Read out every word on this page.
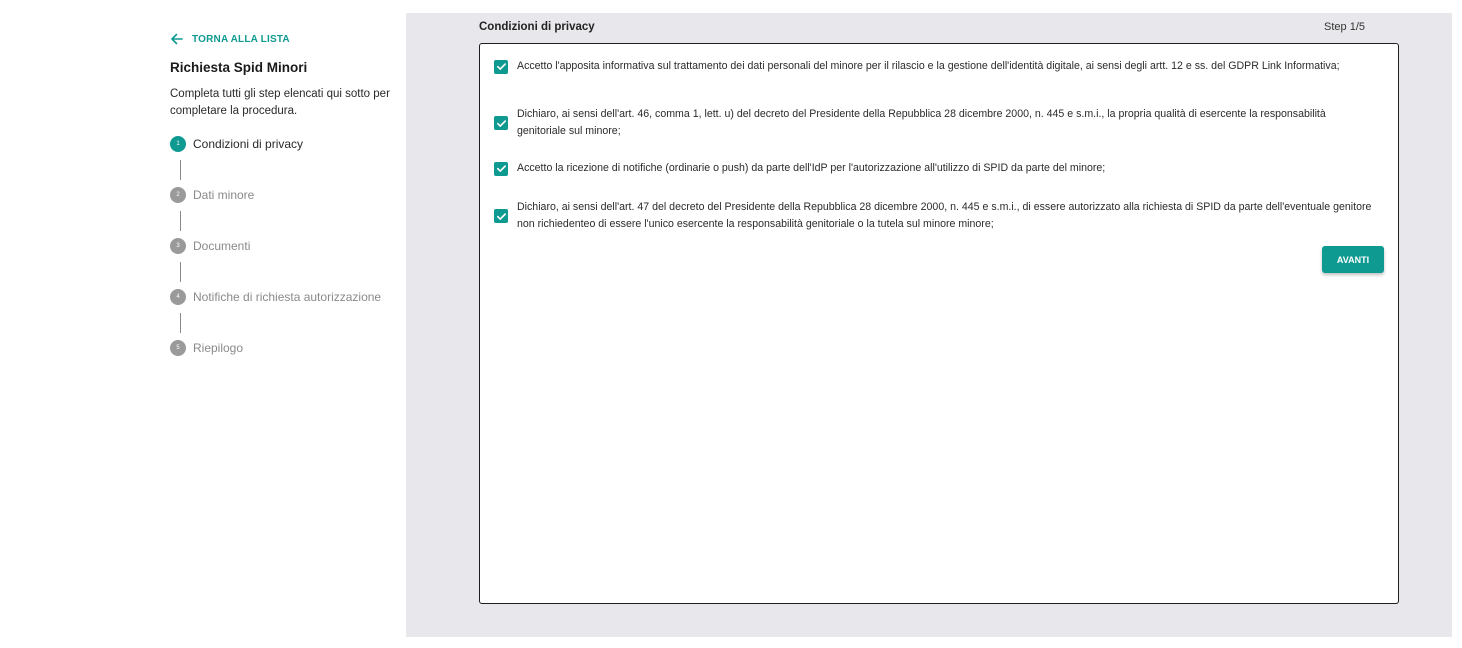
TORNA ALLA LISTA
Richiesta Spid Minori
Completa tutti gli step elencati qui sotto per completare la procedura.
1	Condizioni di privacy
2	Dati minore
3	Documenti
4	Notifiche di richiesta autorizzazione
5	Riepilogo
Condizioni di privacy	Step 1/5
Accetto l'apposita informativa sul trattamento dei dati personali del minore per il rilascio e la gestione dell'identità digitale, ai sensi degli artt. 12 e ss. del GDPR Link Informativa;
Dichiaro, ai sensi dell'art. 46, comma 1, lett. u) del decreto del Presidente della Repubblica 28 dicembre 2000, n. 445 e s.m.i., la propria qualità di esercente la responsabilità genitoriale sul minore;
Accetto la ricezione di notifiche (ordinarie o push) da parte dell'IdP per l'autorizzazione all'utilizzo di SPID da parte del minore;
Dichiaro, ai sensi dell'art. 47 del decreto del Presidente della Repubblica 28 dicembre 2000, n. 445 e s.m.i., di essere autorizzato alla richiesta di SPID da parte dell'eventuale genitore non richiedenteo di essere l'unico esercente la responsabilità genitoriale o la tutela sul minore minore;
AVANTI
